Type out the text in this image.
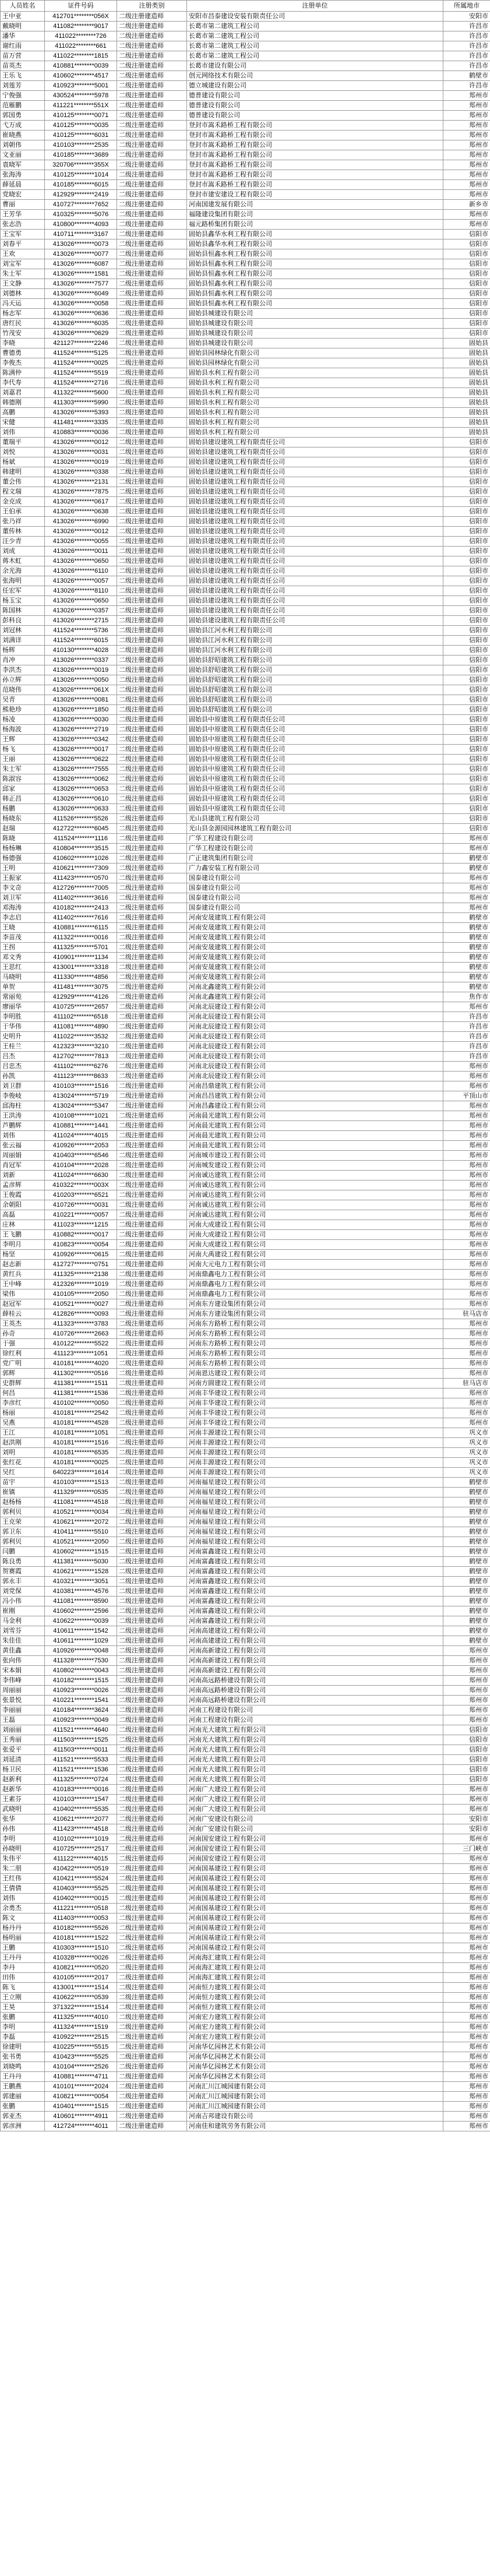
人员姓名	证件号码	注册类别	注册单位	所属地市
王中亚	412701********056X	二级注册建造师	安阳市昌泰建设安装有限责任公司	安阳市
戴晓明	411082********9017	二级注册建造师	长葛市第二建筑工程公司	许昌市
潘华	411022********726	二级注册建造师	长葛市第二建筑工程公司	许昌市
谢红雨	411022********661	二级注册建造师	长葛市第二建筑工程公司	许昌市
苗万营	411022********1815	二级注册建造师	长葛市第二建筑工程公司	许昌市
苗英杰	410881********0039	二级注册建造师	长葛市建设有限公司	许昌市
王乐飞	410602********4517	二级注册建造师	创元网络技术有限公司	鹤壁市
刘莲芳	410923********5001	二级注册建造师	德立城建设有限公司	许昌市
宁俊强	430524********5978	二级注册建造师	德普建设有限公司	郑州市
范雁鹏	411221********551X	二级注册建造师	德普建设有限公司	郑州市
郭国勇	410125********0071	二级注册建造师	德普建设有限公司	郑州市
弋万成	410125********0035	二级注册建造师	登封市嵩禾路桥工程有限公司	郑州市
崔晓燕	410125********6031	二级注册建造师	登封市嵩禾路桥工程有限公司	郑州市
刘朝伟	410103********2535	二级注册建造师	登封市嵩禾路桥工程有限公司	郑州市
文亚丽	410185********3689	二级注册建造师	登封市嵩禾路桥工程有限公司	郑州市
袁晓军	320706********355X	二级注册建造师	登封市嵩禾路桥工程有限公司	郑州市
张海涛	410125********1014	二级注册建造师	登封市嵩禾路桥工程有限公司	郑州市
薛延晨	410185********6015	二级注册建造师	登封市嵩禾路桥工程有限公司	郑州市
党晓宏	412929********2419	二级注册建造师	登封市建安建设工程有限公司	郑州市
曹丽	410727********7652	二级注册建造师	河南国建发展有限公司	新乡市
王芳华	410325********5076	二级注册建造师	福隆建设集团有限公司	郑州市
张志浩	410800********4093	二级注册建造师	福元路桥集团有限公司	郑州市
王宝军	410711********3167	二级注册建造师	固始县鑫华水利工程有限公司	信阳市
刘春平	413026********0073	二级注册建造师	固始县鑫华水利工程有限公司	信阳市
王欢	413026********0077	二级注册建造师	固始县恒鑫水利工程有限公司	信阳市
刘宝军	413026********6087	二级注册建造师	固始县恒鑫水利工程有限公司	信阳市
朱士军	413026********1581	二级注册建造师	固始县恒鑫水利工程有限公司	信阳市
王文静	413026********7577	二级注册建造师	固始县恒鑫水利工程有限公司	信阳市
刘德林	413026********6049	二级注册建造师	固始县恒鑫水利工程有限公司	信阳市
冯天运	413026********0058	二级注册建造师	固始县恒鑫水利工程有限公司	信阳市
杨志军	413026********0636	二级注册建造师	固始县城建设有限公司	信阳市
唐红民	413026********6035	二级注册建造师	固始县城建设有限公司	信阳市
竹茂安	413026********0629	二级注册建造师	固始县城建设有限公司	信阳市
李晓	421127********2246	二级注册建造师	固始县城建设有限公司	固始县
曹德勇	411524********5125	二级注册建造师	固始县园林绿化有限公司	固始县
李俊杰	411524********0025	二级注册建造师	固始县园林绿化有限公司	固始县
陈满仲	411524********5519	二级注册建造师	固始县水利工程有限公司	固始县
李代寿	411524********2716	二级注册建造师	固始县水利工程有限公司	固始县
刘嘉君	411322********5600	二级注册建造师	固始县水利工程有限公司	固始县
韩德刚	411303********5990	二级注册建造师	固始县水利工程有限公司	固始县
高鹏	413026********5393	二级注册建造师	固始县水利工程有限公司	固始县
宋健	411481********3335	二级注册建造师	固始县水利工程有限公司	固始县
刘伟	410883********0036	二级注册建造师	固始县水利工程有限公司	固始县
董瑞平	413026********0012	二级注册建造师	固始县建设建筑工程有限责任公司	信阳市
刘悦	413026********0031	二级注册建造师	固始县建设建筑工程有限责任公司	信阳市
杨斌	413026********0019	二级注册建造师	固始县建设建筑工程有限责任公司	信阳市
韩建明	413026********0338	二级注册建造师	固始县建设建筑工程有限责任公司	信阳市
董会伟	413026********2131	二级注册建造师	固始县建设建筑工程有限责任公司	信阳市
程文瑞	413026********7875	二级注册建造师	固始县建设建筑工程有限责任公司	信阳市
金克成	413026********0617	二级注册建造师	固始县建设建筑工程有限责任公司	信阳市
王伯承	413026********0638	二级注册建造师	固始县建设建筑工程有限责任公司	信阳市
张乃祥	413026********6990	二级注册建造师	固始县建设建筑工程有限责任公司	信阳市
董传林	413026********0012	二级注册建造师	固始县建设建筑工程有限责任公司	信阳市
汪少青	413026********0055	二级注册建造师	固始县建设建筑工程有限责任公司	信阳市
刘成	413026********0011	二级注册建造师	固始县建设建筑工程有限责任公司	信阳市
蒋木虹	413026********0650	二级注册建造师	固始县建设建筑工程有限责任公司	信阳市
余光海	413026********6110	二级注册建造师	固始县建设建筑工程有限责任公司	信阳市
张海明	413026********0057	二级注册建造师	固始县建设建筑工程有限责任公司	信阳市
任宏军	413026********8110	二级注册建造师	固始县建设建筑工程有限责任公司	信阳市
杨玉宝	413026********0650	二级注册建造师	固始县建设建筑工程有限责任公司	信阳市
陈国林	413026********0357	二级注册建造师	固始县建设建筑工程有限责任公司	信阳市
彭科良	413026********2715	二级注册建造师	固始县建设建筑工程有限责任公司	信阳市
刘冠林	411524********5736	二级注册建造师	固始县江河水利工程有限公司	信阳市
刘满详	411524********6015	二级注册建造师	固始县江河水利工程有限公司	信阳市
杨辉	410130********4028	二级注册建造师	固始县江河水利工程有限公司	信阳市
肖冲	413026********0337	二级注册建造师	固始县舒昭建筑工程有限公司	信阳市
李洪杰	413026********0019	二级注册建造师	固始县舒昭建筑工程有限公司	信阳市
孙立辉	413026********0050	二级注册建造师	固始县舒昭建筑工程有限公司	信阳市
范晓伟	413026********061X	二级注册建造师	固始县舒昭建筑工程有限公司	信阳市
吴青	413026********0081	二级注册建造师	固始县舒昭建筑工程有限公司	信阳市
熊艳珍	413026********1850	二级注册建造师	固始县舒昭建筑工程有限公司	信阳市
杨凌	413026********0030	二级注册建造师	固始县中原建筑工程有限责任公司	信阳市
杨海波	413026********2719	二级注册建造师	固始县中原建筑工程有限责任公司	信阳市
王辉	413026********0342	二级注册建造师	固始县中原建筑工程有限责任公司	信阳市
杨飞	413026********0017	二级注册建造师	固始县中原建筑工程有限责任公司	信阳市
王丽	413026********0622	二级注册建造师	固始县中原建筑工程有限责任公司	信阳市
朱士军	413026********7555	二级注册建造师	固始县中原建筑工程有限责任公司	信阳市
陈淑容	413026********0062	二级注册建造师	固始县中原建筑工程有限责任公司	信阳市
邱家	413026********0653	二级注册建造师	固始县中原建筑工程有限责任公司	信阳市
韩正昌	413026********0610	二级注册建造师	固始县中原建筑工程有限责任公司	信阳市
杨鹏	413026********0633	二级注册建造师	固始县中原建筑工程有限责任公司	信阳市
杨晓东	411526********5526	二级注册建造师	光山县建筑工程有限公司	信阳市
赵瑞	412722********6045	二级注册建造师	光山县金源园园林建筑工程有限公司	信阳市
陈晓	411524********1116	二级注册建造师	广华工程建设有限公司	郑州市
杨杨琳	410804********3515	二级注册建造师	广华工程建设有限公司	郑州市
杨德强	410602********1026	二级注册建造师	广正建筑集团有限公司	鹤壁市
王明	410621********7309	二级注册建造师	广力鑫安装工程有限公司	鹤壁市
王振家	411423********0570	二级注册建造师	国泰建设有限公司	郑州市
李文奇	412726********7005	二级注册建造师	国泰建设有限公司	郑州市
刘卫军	411402********3616	二级注册建造师	国泰建设有限公司	郑州市
邓海涛	410182********2413	二级注册建造师	国泰建设有限公司	郑州市
李志启	411402********7616	二级注册建造师	河南安晟建筑工程有限公司	鹤壁市
王晓	410881********6115	二级注册建造师	河南安晟建筑工程有限公司	鹤壁市
李苗茂	411322********0016	二级注册建造师	河南安晟建筑工程有限公司	鹤壁市
王拐	411325********5701	二级注册建造师	河南安晟建筑工程有限公司	鹤壁市
邓文秀	410901********1134	二级注册建造师	河南安晟建筑工程有限公司	鹤壁市
王思红	413001********3318	二级注册建造师	河南安晟建筑工程有限公司	鹤壁市
马晓明	411330********4856	二级注册建造师	河南安晟建筑工程有限公司	鹤壁市
单贺	411481********3075	二级注册建造师	河南北鑫建筑工程有限公司	鹤壁市
常丽苑	412929********4126	二级注册建造师	河南北鑫建筑工程有限公司	焦作市
廖丽华	410725********2657	二级注册建造师	河南北辰建设工程有限公司	郑州市
李明胜	411102********6518	二级注册建造师	河南北辰建设工程有限公司	许昌市
于华伟	411081********4890	二级注册建造师	河南北辰建设工程有限公司	许昌市
史明升	411022********3532	二级注册建造师	河南北辰建设工程有限公司	许昌市
王桂兰	412323********3210	二级注册建造师	河南北辰建设工程有限公司	许昌市
吕杰	412702********7813	二级注册建造师	河南北辰建设工程有限公司	许昌市
吕忠杰	411102********6276	二级注册建造师	河南北辰建设工程有限公司	郑州市
孙凯	411123********8633	二级注册建造师	河南北辰建设工程有限公司	郑州市
刘卫群	410103********1516	二级注册建造师	河南昌鼎建筑工程有限公司	郑州市
李俊岐	413024********5719	二级注册建造师	河南昌昌建筑工程有限公司	平顶山市
邱海柱	413024********5347	二级注册建造师	河南昌鑫建设工程有限公司	郑州市
王洪涛	410108********1021	二级注册建造师	河南晨光建筑工程有限公司	郑州市
芦鹏辉	410881********1441	二级注册建造师	河南晨光建筑工程有限公司	郑州市
刘伟	411024********4015	二级注册建造师	河南晨光建筑工程有限公司	郑州市
张云福	410926********2053	二级注册建造师	河南晨光建筑工程有限公司	郑州市
周丽娟	410403********6546	二级注册建造师	河南城市建设工程有限公司	郑州市
肖冠军	410104********2028	二级注册建造师	河南城发建设工程有限公司	郑州市
刘新	411024********6630	二级注册建造师	河南诚达建筑工程有限公司	郑州市
孟彦辉	410322********003X	二级注册建造师	河南诚达建筑工程有限公司	郑州市
王俊霞	410203********6521	二级注册建造师	河南诚达建筑工程有限公司	郑州市
余朝阳	410726********0031	二级注册建造师	河南诚达建筑工程有限公司	郑州市
高磊	410221********0057	二级注册建造师	河南诚达建筑工程有限公司	郑州市
庄林	411023********1215	二级注册建造师	河南大成建设工程有限公司	郑州市
王飞鹏	410882********0017	二级注册建造师	河南大成建设工程有限公司	郑州市
李明月	410823********0054	二级注册建造师	河南大成建设工程有限公司	郑州市
杨坚	410926********0615	二级注册建造师	河南大禹建设工程有限公司	郑州市
赵志新	412727********0751	二级注册建造师	河南大元电力工程有限公司	郑州市
黄红兵	411325********2138	二级注册建造师	河南鼎鑫电力工程有限公司	郑州市
王中峰	412326********1019	二级注册建造师	河南鼎鑫电力工程有限公司	郑州市
梁伟	410105********2050	二级注册建造师	河南鼎鑫电力工程有限公司	郑州市
赵冠军	410521********0027	二级注册建造师	河南东方建设集团有限公司	郑州市
薛桂云	412826********0093	二级注册建造师	河南东方建设集团有限公司	驻马店市
王英杰	411323********3783	二级注册建造师	河南东方路桥工程有限公司	郑州市
孙奇	410726********2663	二级注册建造师	河南东方路桥工程有限公司	郑州市
于强	410122********5522	二级注册建造师	河南东方路桥工程有限公司	郑州市
徐红利	411123********1051	二级注册建造师	河南东方路桥工程有限公司	郑州市
党广明	410181********4020	二级注册建造师	河南东方路桥工程有限公司	郑州市
郭辉	411302********0516	二级注册建造师	河南恩达建设工程有限公司	郑州市
史群辉	411381********1511	二级注册建造师	河南方圆建设工程有限公司	驻马店市
何昌	411381********1536	二级注册建造师	河南丰华建设工程有限公司	郑州市
李彦红	410102********0050	二级注册建造师	河南丰华建设工程有限公司	郑州市
杨丽	410181********2542	二级注册建造师	河南丰华建设工程有限公司	郑州市
吴燕	410181********4528	二级注册建造师	河南丰华建设工程有限公司	郑州市
王江	410181********1051	二级注册建造师	河南丰源建设工程有限公司	巩义市
赵洪刚	410181********1516	二级注册建造师	河南丰源建设工程有限公司	巩义市
刘明	410181********6535	二级注册建造师	河南丰源建设工程有限公司	巩义市
张红花	410181********0025	二级注册建造师	河南丰源建设工程有限公司	巩义市
吴红	640223********1614	二级注册建造师	河南丰源建设工程有限公司	巩义市
苗宇	410103********1513	二级注册建造师	河南福星建设工程有限公司	鹤壁市
崔镇	411329********0535	二级注册建造师	河南福星建设工程有限公司	鹤壁市
赵杨杨	411081********4518	二级注册建造师	河南福星建设工程有限公司	鹤壁市
郭利贝	410521********0034	二级注册建造师	河南福星建设工程有限公司	鹤壁市
王克荣	410621********2072	二级注册建造师	河南福星建设工程有限公司	鹤壁市
郭卫东	410411********5510	二级注册建造师	河南福星建设工程有限公司	鹤壁市
郭利贝	410521********2050	二级注册建造师	河南福星建设工程有限公司	鹤壁市
闫鹏	410602********1515	二级注册建造师	河南富鑫建设工程有限公司	鹤壁市
陈良勇	411381********5030	二级注册建造师	河南富鑫建设工程有限公司	鹤壁市
贺赛霞	410621********1528	二级注册建造师	河南富鑫建设工程有限公司	鹤壁市
郭永丰	410321********3051	二级注册建造师	河南富鑫建设工程有限公司	鹤壁市
刘党保	410381********4576	二级注册建造师	河南富鑫建设工程有限公司	鹤壁市
冯小伟	411081********8590	二级注册建造师	河南富鑫建设工程有限公司	鹤壁市
崔刚	410602********2596	二级注册建造师	河南富鑫建设工程有限公司	鹤壁市
马金利	410622********0039	二级注册建造师	河南富鑫建设工程有限公司	鹤壁市
刘雪芬	410611********1542	二级注册建造师	河南高建建设工程有限公司	鹤壁市
朱佳佳	410611********1029	二级注册建造师	河南高建建设工程有限公司	鹤壁市
黄佳鑫	410926********0048	二级注册建造师	河南高新建设工程有限公司	郑州市
张向伟	411328********7530	二级注册建造师	河南高新建设工程有限公司	郑州市
宋本娟	410802********0043	二级注册建造师	河南高新建设工程有限公司	郑州市
李伟峰	410182********1515	二级注册建造师	河南高远路桥建设有限公司	郑州市
周丽丽	410923********0026	二级注册建造师	河南高远路桥建设有限公司	郑州市
张景悦	410221********1541	二级注册建造师	河南高远路桥建设有限公司	郑州市
李丽丽	410184********3624	二级注册建造师	河南工程建设有限公司	郑州市
王磊	410923********0049	二级注册建造师	河南工程建设有限公司	郑州市
刘丽丽	411521********4640	二级注册建造师	河南光大建筑工程有限公司	信阳市
王秀丽	411503********1525	二级注册建造师	河南光大建筑工程有限公司	信阳市
张爱平	411503********0011	二级注册建造师	河南光大建筑工程有限公司	信阳市
刘延清	411521********5533	二级注册建造师	河南光大建筑工程有限公司	信阳市
杨卫民	411521********1536	二级注册建造师	河南光大建筑工程有限公司	信阳市
赵新利	411325********0724	二级注册建造师	河南光大建筑工程有限公司	信阳市
赵新华	410183********0016	二级注册建造师	河南广大建设工程有限公司	郑州市
王素芬	410103********1547	二级注册建造师	河南广大建设工程有限公司	郑州市
武晓明	410402********5535	二级注册建造师	河南广大建设工程有限公司	郑州市
张华	410621********2077	二级注册建造师	河南广安建设有限公司	安阳市
孙伟	411423********4518	二级注册建造师	河南广安建设有限公司	安阳市
李明	410102********1019	二级注册建造师	河南国安建设工程有限公司	郑州市
孙晓明	410725********2517	二级注册建造师	河南国安建设工程有限公司	三门峡市
朱伟平	411122********4015	二级注册建造师	河南国安建设工程有限公司	郑州市
朱二朋	410422********0519	二级注册建造师	河南国基建设工程有限公司	郑州市
王红伟	410421********5524	二级注册建造师	河南国基建设工程有限公司	郑州市
王倩倩	410403********5525	二级注册建造师	河南国基建设工程有限公司	郑州市
刘伟	410402********0015	二级注册建造师	河南国基建设工程有限公司	郑州市
余勇杰	411221********0518	二级注册建造师	河南国基建设工程有限公司	郑州市
陈文	411403********0053	二级注册建造师	河南国基建设工程有限公司	郑州市
杨丹丹	410182********5526	二级注册建造师	河南国基建设工程有限公司	郑州市
杨明丽	410181********1522	二级注册建造师	河南国基建设工程有限公司	郑州市
王鹏	410303********1510	二级注册建造师	河南国基建设工程有限公司	郑州市
王丹丹	410328********0026	二级注册建造师	河南海汇建筑工程有限公司	郑州市
李丹	410821********0520	二级注册建造师	河南海汇建筑工程有限公司	郑州市
田伟	410105********2017	二级注册建造师	河南海汇建筑工程有限公司	郑州市
陈飞	413001********1514	二级注册建造师	河南恒力建筑工程有限公司	郑州市
王立刚	410622********0539	二级注册建造师	河南恒力建筑工程有限公司	郑州市
王昊	371322********1514	二级注册建造师	河南恒力建筑工程有限公司	郑州市
张鹏	411325********4010	二级注册建造师	河南宏力建筑工程有限公司	郑州市
李明	411324********1519	二级注册建造师	河南宏力建筑工程有限公司	郑州市
李磊	410922********2515	二级注册建造师	河南宏力建筑工程有限公司	郑州市
徐建明	410225********5515	二级注册建造师	河南华亿园林艺术有限公司	郑州市
张书勇	410423********5525	二级注册建造师	河南华亿园林艺术有限公司	郑州市
刘晓鸣	410104********2526	二级注册建造师	河南华亿园林艺术有限公司	郑州市
王丹丹	410881********4711	二级注册建造师	河南华亿园林艺术有限公司	郑州市
王鹏燕	410101********2024	二级注册建造师	河南汇川江城园建有限公司	郑州市
郭建丽	410821********0054	二级注册建造师	河南汇川江城园建有限公司	郑州市
张鹏	410401********1515	二级注册建造师	河南汇川江城园建有限公司	郑州市
郭亚杰	410601********4911	二级注册建造师	河南吉邦建设有限公司	郑州市
郭彦洲	412724********4011	二级注册建造师	河南佳和建筑劳务有限公司	郑州市
